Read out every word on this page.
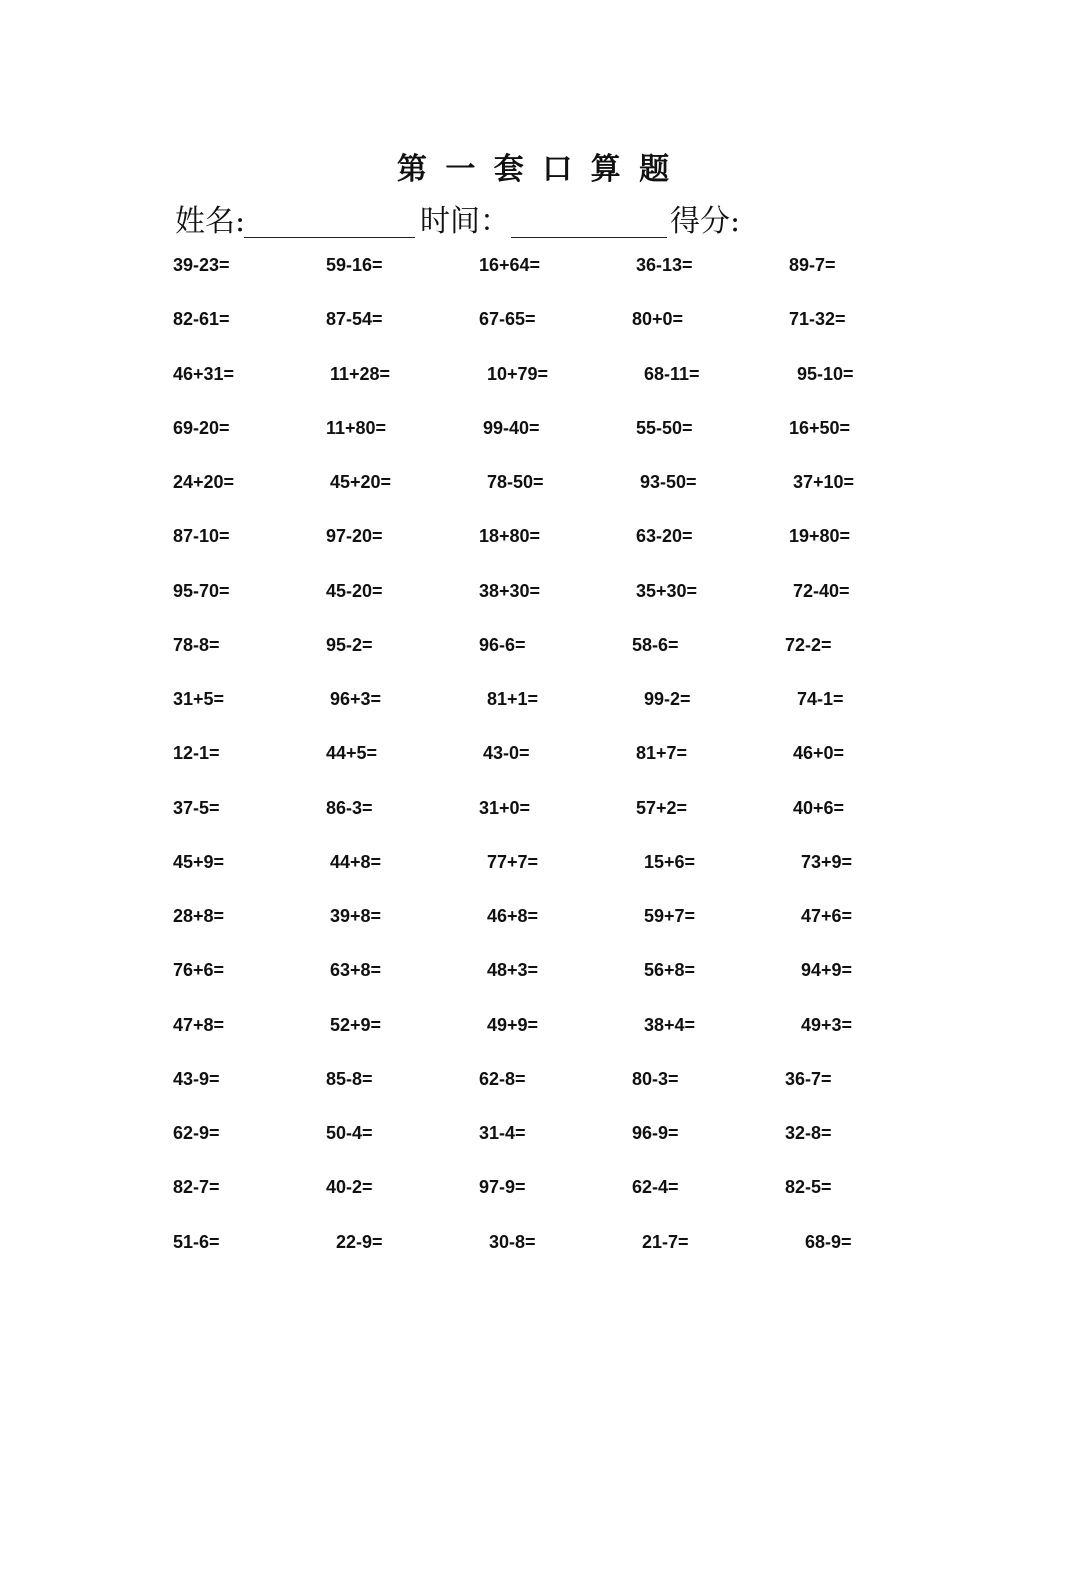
第 一 套 口 算 题
姓名:	时间：	得分:
39-23=	59-16=	16+64=	36-13=	89-7=
82-61=	87-54=	67-65=	80+0=	71-32=
46+31=	11+28=	10+79=	68-11=	95-10=
69-20=	11+80=	99-40=	55-50=	16+50=
24+20=	45+20=	78-50=	93-50=	37+10=
87-10=	97-20=	18+80=	63-20=	19+80=
95-70=	45-20=	38+30=	35+30=	72-40=
78-8=	95-2=	96-6=	58-6=	72-2=
31+5=	96+3=	81+1=	99-2=	74-1=
12-1=	44+5=	43-0=	81+7=	46+0=
37-5=	86-3=	31+0=	57+2=	40+6=
45+9=	44+8=	77+7=	15+6=	73+9=
28+8=	39+8=	46+8=	59+7=	47+6=
76+6=	63+8=	48+3=	56+8=	94+9=
47+8=	52+9=	49+9=	38+4=	49+3=
43-9=	85-8=	62-8=	80-3=	36-7=
62-9=	50-4=	31-4=	96-9=	32-8=
82-7=	40-2=	97-9=	62-4=	82-5=
51-6=	22-9=	30-8=	21-7=	68-9=
